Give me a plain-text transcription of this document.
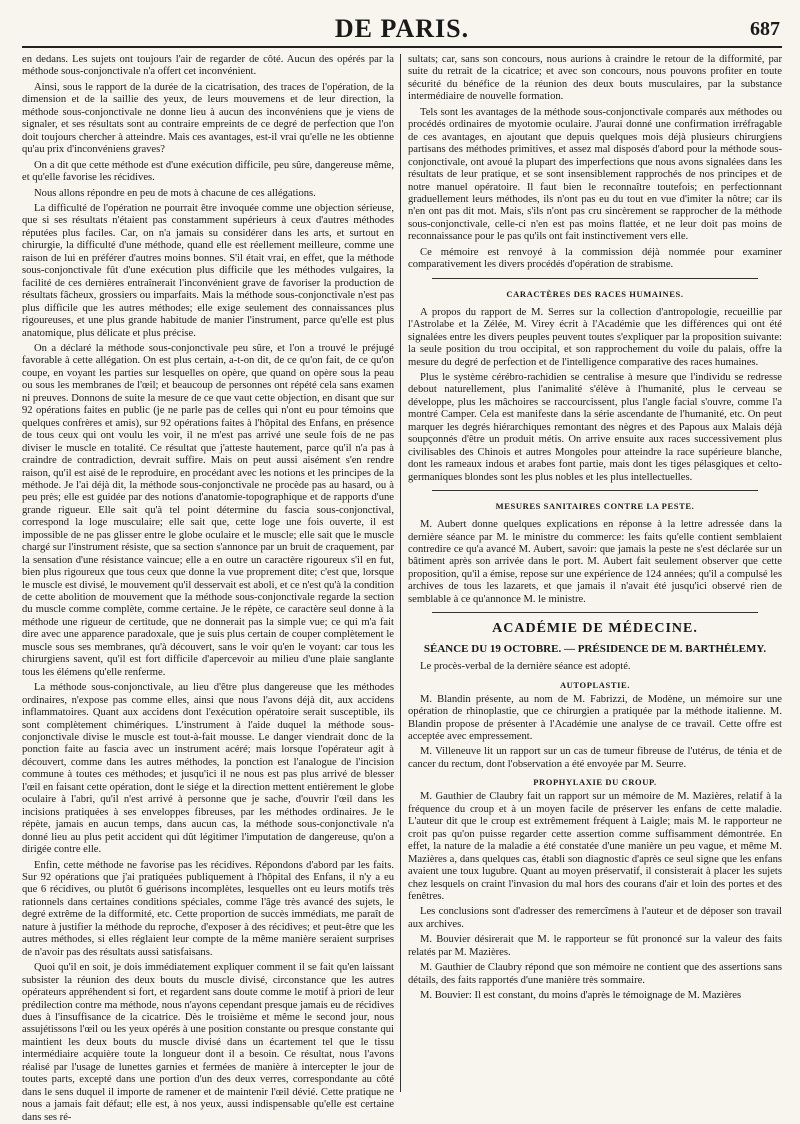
DE PARIS.	687

en dedans. Les sujets ont toujours l'air de regarder de côté. Aucun des opérés par la méthode sous-conjonctivale n'a offert cet inconvénient.

Ainsi, sous le rapport de la durée de la cicatrisation, des traces de l'opération, de la dimension et de la saillie des yeux, de leurs mouvemens et de leur direction, la méthode sous-conjonctivale ne donne lieu à aucun des inconvéniens que je viens de signaler, et ses résultats sont au contraire empreints de ce degré de perfection que l'on doit toujours chercher à atteindre. Mais ces avantages, est-il vrai qu'elle ne les obtienne qu'au prix d'inconvéniens graves?

On a dit que cette méthode est d'une exécution difficile, peu sûre, dangereuse même, et qu'elle favorise les récidives.

Nous allons répondre en peu de mots à chacune de ces allégations.

La difficulté de l'opération ne pourrait être invoquée comme une objection sérieuse, que si ses résultats n'étaient pas constamment supérieurs à ceux d'autres méthodes réputées plus faciles. Car, on n'a jamais su considérer dans les arts, et surtout en chirurgie, la difficulté d'une méthode, quand elle est réellement meilleure, comme une raison de lui en préférer d'autres moins bonnes. S'il était vrai, en effet, que la méthode sous-conjonctivale fût d'une exécution plus difficile que les méthodes vulgaires, la facilité de ces dernières entraînerait l'inconvénient grave de favoriser la production de résultats fâcheux, grossiers ou imparfaits. Mais la méthode sous-conjonctivale n'est pas plus difficile que les autres méthodes; elle exige seulement des connaissances plus rigoureuses, et une plus grande habitude de manier l'instrument, parce qu'elle est plus anatomique, plus délicate et plus précise.

On a déclaré la méthode sous-conjonctivale peu sûre, et l'on a trouvé le préjugé favorable à cette allégation. On est plus certain, a-t-on dit, de ce qu'on fait, de ce qu'on coupe, en voyant les parties sur lesquelles on opère, que quand on opère sous la peau ou sous les membranes de l'œil; et beaucoup de personnes ont répété cela sans examen ni preuves. Donnons de suite la mesure de ce que vaut cette objection, en disant que sur 92 opérations faites en public (je ne parle pas de celles qui n'ont eu pour témoins que quelques confrères et amis), sur 92 opérations faites à l'hôpital des Enfans, en présence de tous ceux qui ont voulu les voir, il ne m'est pas arrivé une seule fois de ne pas diviser le muscle en totalité. Ce résultat que j'atteste hautement, parce qu'il n'a pas à craindre de contradiction, devrait suffire. Mais on peut aussi aisément s'en rendre raison, qu'il est aisé de le reproduire, en procédant avec les notions et les principes de la méthode. Je l'ai déjà dit, la méthode sous-conjonctivale ne procède pas au hasard, ou à peu près; elle est guidée par des notions d'anatomie-topographique et de rapports d'une grande rigueur. Elle sait qu'à tel point détermine du fascia sous-conjonctival, correspond la loge musculaire; elle sait que, cette loge une fois ouverte, il est impossible de ne pas glisser entre le globe oculaire et le muscle; elle sait que le muscle chargé sur l'instrument résiste, que sa section s'annonce par un bruit de craquement, par la sensation d'une résistance vaincue; elle a en outre un caractère rigoureux s'il en fut, bien plus rigoureux que tous ceux que donne la vue proprement dite; c'est que, lorsque le muscle est divisé, le mouvement qu'il desservait est aboli, et ce n'est qu'à la condition de cette abolition de mouvement que la méthode sous-conjonctivale regarde la section du muscle comme complète, comme certaine. Je le répète, ce caractère seul donne à la méthode une rigueur de certitude, que ne donnerait pas la simple vue; ce qui m'a fait dire avec une apparence paradoxale, que je suis plus certain de couper complètement le muscle sous ses membranes, qu'à découvert, sans le voir qu'en le voyant: car tous les chirurgiens savent, qu'il est fort difficile d'apercevoir au milieu d'une plaie sanglante tous les élémens qu'elle renferme.

La méthode sous-conjonctivale, au lieu d'être plus dangereuse que les méthodes ordinaires, n'expose pas comme elles, ainsi que nous l'avons déjà dit, aux accidens inflammatoires. Quant aux accidens dont l'exécution opératoire serait susceptible, ils sont complètement chimériques. L'instrument à l'aide duquel la méthode sous-conjonctivale divise le muscle est tout-à-fait mousse. Le danger viendrait donc de la ponction faite au fascia avec un instrument acéré; mais lorsque l'opérateur agit à découvert, comme dans les autres méthodes, la ponction est l'analogue de l'incision commune à toutes ces méthodes; et jusqu'ici il ne nous est pas plus arrivé de blesser l'œil en faisant cette opération, dont le siége et la direction mettent entièrement le globe oculaire à l'abri, qu'il n'est arrivé à personne que je sache, d'ouvrir l'œil dans les incisions pratiquées à ses enveloppes fibreuses, par les méthodes ordinaires. Je le répète, jamais en aucun temps, dans aucun cas, la méthode sous-conjonctivale n'a donné lieu au plus petit accident qui dût légitimer l'imputation de dangereuse, qu'on a dirigée contre elle.

Enfin, cette méthode ne favorise pas les récidives. Répondons d'abord par les faits. Sur 92 opérations que j'ai pratiquées publiquement à l'hôpital des Enfans, il n'y a eu que 6 récidives, ou plutôt 6 guérisons incomplètes, lesquelles ont eu leurs motifs très rationnels dans certaines conditions spéciales, comme l'âge très avancé des sujets, le degré extrême de la difformité, etc. Cette proportion de succès immédiats, me paraît de nature à justifier la méthode du reproche, d'exposer à des récidives; et peut-être que les autres méthodes, si elles réglaient leur compte de la même manière seraient surprises de n'avoir pas des résultats aussi satisfaisans.

Quoi qu'il en soit, je dois immédiatement expliquer comment il se fait qu'en laissant subsister la réunion des deux bouts du muscle divisé, circonstance que les autres opérateurs appréhendent si fort, et regardent sans doute comme le motif à priori de leur prédilection contre ma méthode, nous n'ayons cependant presque jamais eu de récidives dues à l'insuffisance de la cicatrice. Dès le troisième et même le second jour, nous assujétissons l'œil ou les yeux opérés à une position constante ou presque constante qui maintient les deux bouts du muscle divisé dans un écartement tel que le tissu intermédiaire acquière toute la longueur dont il a besoin. Ce résultat, nous l'avons réalisé par l'usage de lunettes garnies et fermées de manière à intercepter le jour de toutes parts, excepté dans une portion d'un des deux verres, correspondante au côté dans le sens duquel il importe de ramener et de maintenir l'œil dévié. Cette pratique ne nous a jamais fait défaut; elle est, à nos yeux, aussi indispensable qu'elle est certaine dans ses ré-

sultats; car, sans son concours, nous aurions à craindre le retour de la difformité, par suite du retrait de la cicatrice; et avec son concours, nous pouvons profiter en toute sécurité du bénéfice de la réunion des deux bouts musculaires, par la substance intermédiaire de nouvelle formation.

Tels sont les avantages de la méthode sous-conjonctivale comparés aux méthodes ou procédés ordinaires de myotomie oculaire. J'aurai donné une confirmation irréfragable de ces avantages, en ajoutant que depuis quelques mois déjà plusieurs chirurgiens partisans des méthodes primitives, et assez mal disposés d'abord pour la méthode sous-conjonctivale, ont avoué la plupart des imperfections que nous avons signalées dans les résultats de leur pratique, et se sont insensiblement rapprochés de nos principes et de notre manuel opératoire. Il faut bien le reconnaître toutefois; en perfectionnant graduellement leurs méthodes, ils n'ont pas eu du tout en vue d'imiter la nôtre; car ils n'en ont pas dit mot. Mais, s'ils n'ont pas cru sincèrement se rapprocher de la méthode sous-conjonctivale, celle-ci n'en est pas moins flattée, et ne leur doit pas moins de reconnaissance pour le pas qu'ils ont fait instinctivement vers elle.

Ce mémoire est renvoyé à la commission déjà nommée pour examiner comparativement les divers procédés d'opération de strabisme.

CARACTÈRES DES RACES HUMAINES.

A propos du rapport de M. Serres sur la collection d'antropologie, recueillie par l'Astrolabe et la Zélée, M. Virey écrit à l'Académie que les différences qui ont été signalées entre les divers peuples peuvent toutes s'expliquer par la proposition suivante: la seule position du trou occipital, et son rapprochement du voile du palais, offre la mesure du degré de perfection et de l'intelligence comparative des races humaines.

Plus le système cérébro-rachidien se centralise à mesure que l'individu se redresse debout naturellement, plus l'animalité s'élève à l'humanité, plus le cerveau se développe, plus les mâchoires se raccourcissent, plus l'angle facial s'ouvre, comme l'a montré Camper. Cela est manifeste dans la série ascendante de l'humanité, etc. On peut marquer les degrés hiérarchiques remontant des nègres et des Papous aux Malais déjà soupçonnés d'être un produit métis. On arrive ensuite aux races successivement plus civilisables des Chinois et autres Mongoles pour atteindre la race supérieure blanche, dont les rameaux indous et arabes font partie, mais dont les tiges pélasgiques et celto-germaniques blondes sont les plus nobles et les plus intellectuelles.

MESURES SANITAIRES CONTRE LA PESTE.

M. Aubert donne quelques explications en réponse à la lettre adressée dans la dernière séance par M. le ministre du commerce: les faits qu'elle contient semblaient contredire ce qu'a avancé M. Aubert, savoir: que jamais la peste ne s'est déclarée sur un bâtiment après son arrivée dans le port. M. Aubert fait seulement observer que cette proposition, qu'il a émise, repose sur une expérience de 124 années; qu'il a compulsé les archives de tous les lazarets, et que jamais il n'avait été jusqu'ici observé rien de semblable à ce qu'annonce M. le ministre.

ACADÉMIE DE MÉDECINE.
SÉANCE DU 19 OCTOBRE. — PRÉSIDENCE DE M. BARTHÉLEMY.

Le procès-verbal de la dernière séance est adopté.

AUTOPLASTIE.

M. Blandin présente, au nom de M. Fabrizzi, de Modène, un mémoire sur une opération de rhinoplastie, que ce chirurgien a pratiquée par la méthode italienne. M. Blandin propose de présenter à l'Académie une analyse de ce travail. Cette offre est acceptée avec empressement.

M. Villeneuve lit un rapport sur un cas de tumeur fibreuse de l'utérus, de ténia et de cancer du rectum, dont l'observation a été envoyée par M. Seurre.

PROPHYLAXIE DU CROUP.

M. Gauthier de Claubry fait un rapport sur un mémoire de M. Mazières, relatif à la fréquence du croup et à un moyen facile de préserver les enfans de cette maladie. L'auteur dit que le croup est extrêmement fréquent à Laigle; mais M. le rapporteur ne croit pas qu'on puisse regarder cette assertion comme suffisamment démontrée. En effet, la nature de la maladie a été constatée d'une manière un peu vague, et même M. Mazières a, dans quelques cas, établi son diagnostic d'après ce seul signe que les enfans avaient une toux lugubre. Quant au moyen préservatif, il consisterait à placer les sujets chez lesquels on craint l'invasion du mal hors des courans d'air et loin des portes et des fenêtres.

Les conclusions sont d'adresser des remercîmens à l'auteur et de déposer son travail aux archives.

M. Bouvier désirerait que M. le rapporteur se fût prononcé sur la valeur des faits relatés par M. Mazières.

M. Gauthier de Claubry répond que son mémoire ne contient que des assertions sans détails, des faits rapportés d'une manière très sommaire.

M. Bouvier: Il est constant, du moins d'après le témoignage de M. Mazières
